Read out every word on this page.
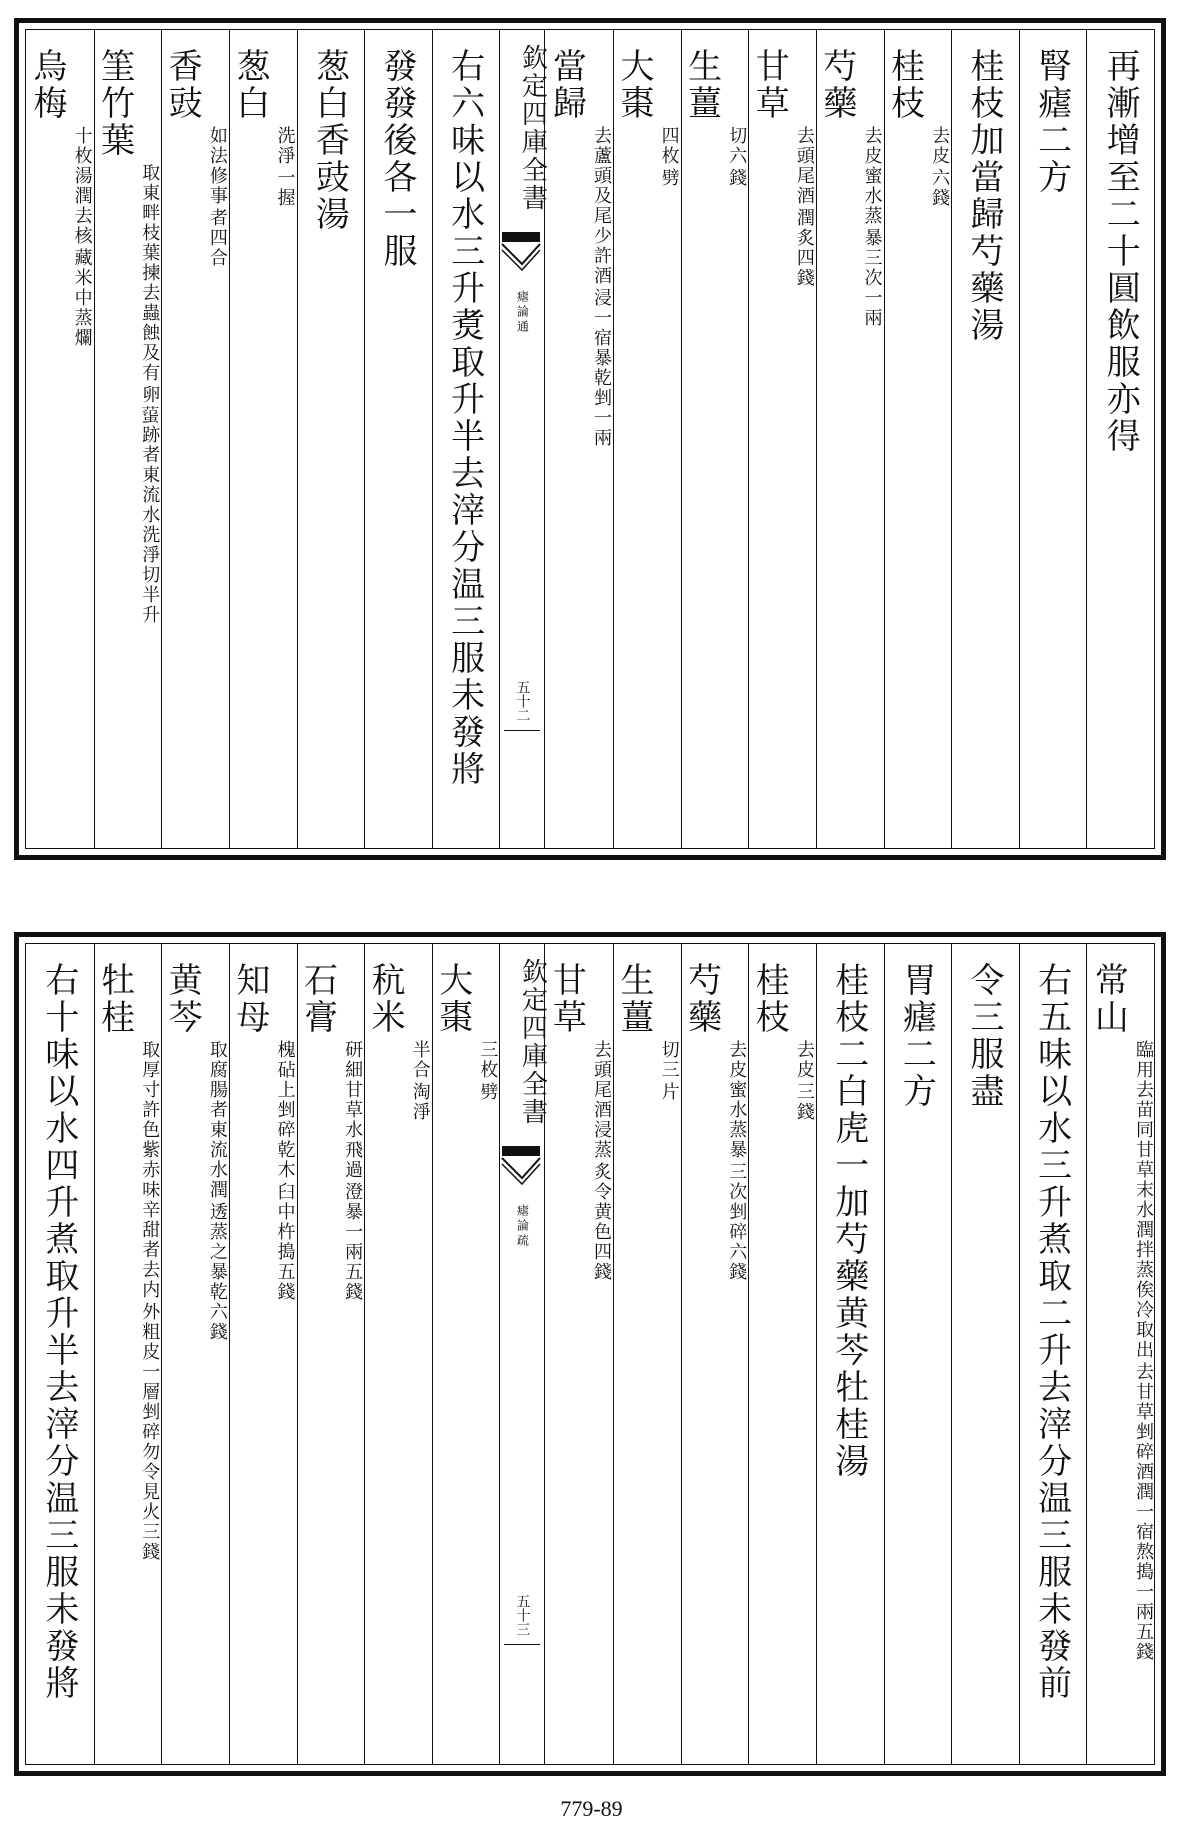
再漸增至二十圓飲服亦得
腎瘧二方
桂枝加當歸芍藥湯
桂枝
去皮
六錢
芍藥
去皮蜜水蒸
暴三次一兩
甘草
去頭尾酒
潤炙四錢
生薑
切六
錢
大棗
四枚
劈
當歸
去蘆頭及尾少許酒
浸一宿暴乾剉一兩
右六味以水三升煑取升半去滓分温三服未發將
發發後各一服
葱白香豉湯
葱白
洗淨
一握
香豉
如法修事
者四合
筀竹葉
取東畔枝葉揀去蟲蝕及有
卵𧍙跡者東流水洗淨切半升
烏梅
十枚湯潤去核
藏米中蒸爛
欽定四庫全書
瘧論通
五十二
常山
臨用去苗同甘草末水潤拌蒸俟冷取出
去甘草剉碎酒潤一宿熬搗一兩五錢
右五味以水三升煮取二升去滓分温三服未發前
令三服盡
胃瘧二方
桂枝二白虎一加芍藥黄芩牡桂湯
桂枝
去皮
三錢
芍藥
去皮蜜水蒸暴
三次剉碎六錢
生薑
切三
片
甘草
去頭尾酒浸蒸
炙令黄色四錢
大棗
三枚
劈
秔米
半合
淘淨
石膏
研細甘草水飛過
澄暴一兩五錢
知母
槐砧上剉碎乾木
臼中杵搗五錢
黄芩
取腐腸者東流水潤
透蒸之暴乾六錢
牡桂
取厚寸許色紫赤味辛甜者去内
外粗皮一層剉碎勿令見火三錢
右十味以水四升煮取升半去滓分温三服未發將	欽定四庫全書
瘧論疏
五十三
779-89
